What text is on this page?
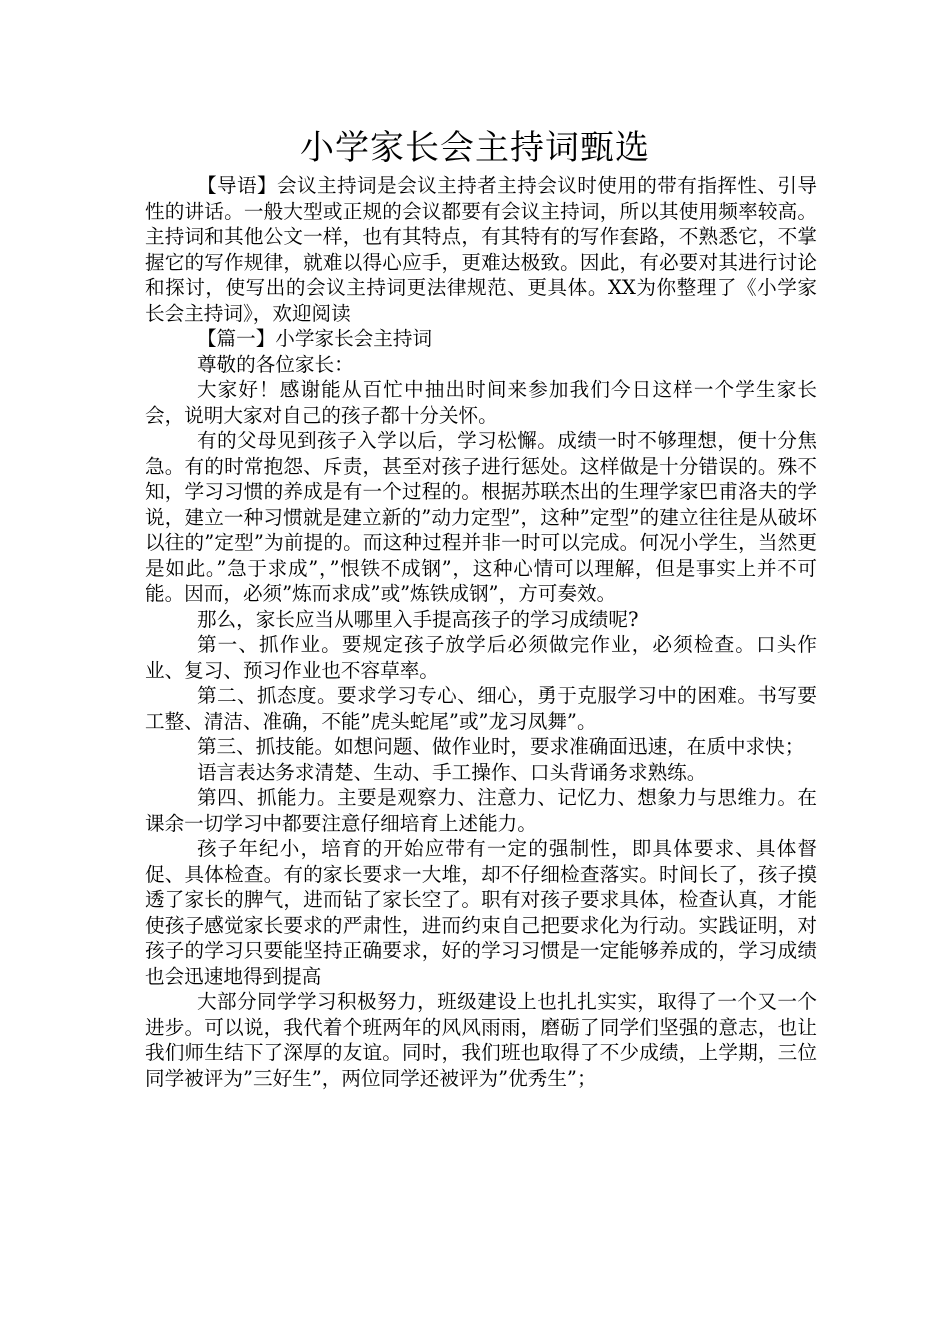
小学家长会主持词甄选

【导语】会议主持词是会议主持者主持会议时使用的带有指挥性、引导性的讲话。一般大型或正规的会议都要有会议主持词，所以其使用频率较高。主持词和其他公文一样，也有其特点，有其特有的写作套路，不熟悉它，不掌握它的写作规律，就难以得心应手，更难达极致。因此，有必要对其进行讨论和探讨，使写出的会议主持词更法律规范、更具体。XX为你整理了《小学家长会主持词》，欢迎阅读

【篇一】小学家长会主持词

尊敬的各位家长：

大家好！感谢能从百忙中抽出时间来参加我们今日这样一个学生家长会，说明大家对自己的孩子都十分关怀。

有的父母见到孩子入学以后，学习松懈。成绩一时不够理想，便十分焦急。有的时常抱怨、斥责，甚至对孩子进行惩处。这样做是十分错误的。殊不知，学习习惯的养成是有一个过程的。根据苏联杰出的生理学家巴甫洛夫的学说，建立一种习惯就是建立新的”动力定型”，这种”定型”的建立往往是从破坏以往的”定型”为前提的。而这种过程并非一时可以完成。何况小学生，当然更是如此。”急于求成”，”恨铁不成钢”，这种心情可以理解，但是事实上并不可能。因而，必须”炼而求成”或”炼铁成钢”，方可奏效。

那么，家长应当从哪里入手提高孩子的学习成绩呢?

第一、抓作业。要规定孩子放学后必须做完作业，必须检查。口头作业、复习、预习作业也不容草率。

第二、抓态度。要求学习专心、细心，勇于克服学习中的困难。书写要工整、清洁、准确，不能”虎头蛇尾”或”龙习凤舞”。

第三、抓技能。如想问题、做作业时，要求准确面迅速，在质中求快；

语言表达务求清楚、生动、手工操作、口头背诵务求熟练。

第四、抓能力。主要是观察力、注意力、记忆力、想象力与思维力。在课余一切学习中都要注意仔细培育上述能力。

孩子年纪小，培育的开始应带有一定的强制性，即具体要求、具体督促、具体检查。有的家长要求一大堆，却不仔细检查落实。时间长了，孩子摸透了家长的脾气，进而钻了家长空了。职有对孩子要求具体，检查认真，才能使孩子感觉家长要求的严肃性，进而约束自己把要求化为行动。实践证明，对孩子的学习只要能坚持正确要求，好的学习习惯是一定能够养成的，学习成绩也会迅速地得到提高

大部分同学学习积极努力，班级建设上也扎扎实实，取得了一个又一个进步。可以说，我代着个班两年的风风雨雨，磨砺了同学们坚强的意志，也让我们师生结下了深厚的友谊。同时，我们班也取得了不少成绩，上学期，三位同学被评为”三好生”，两位同学还被评为”优秀生”；
